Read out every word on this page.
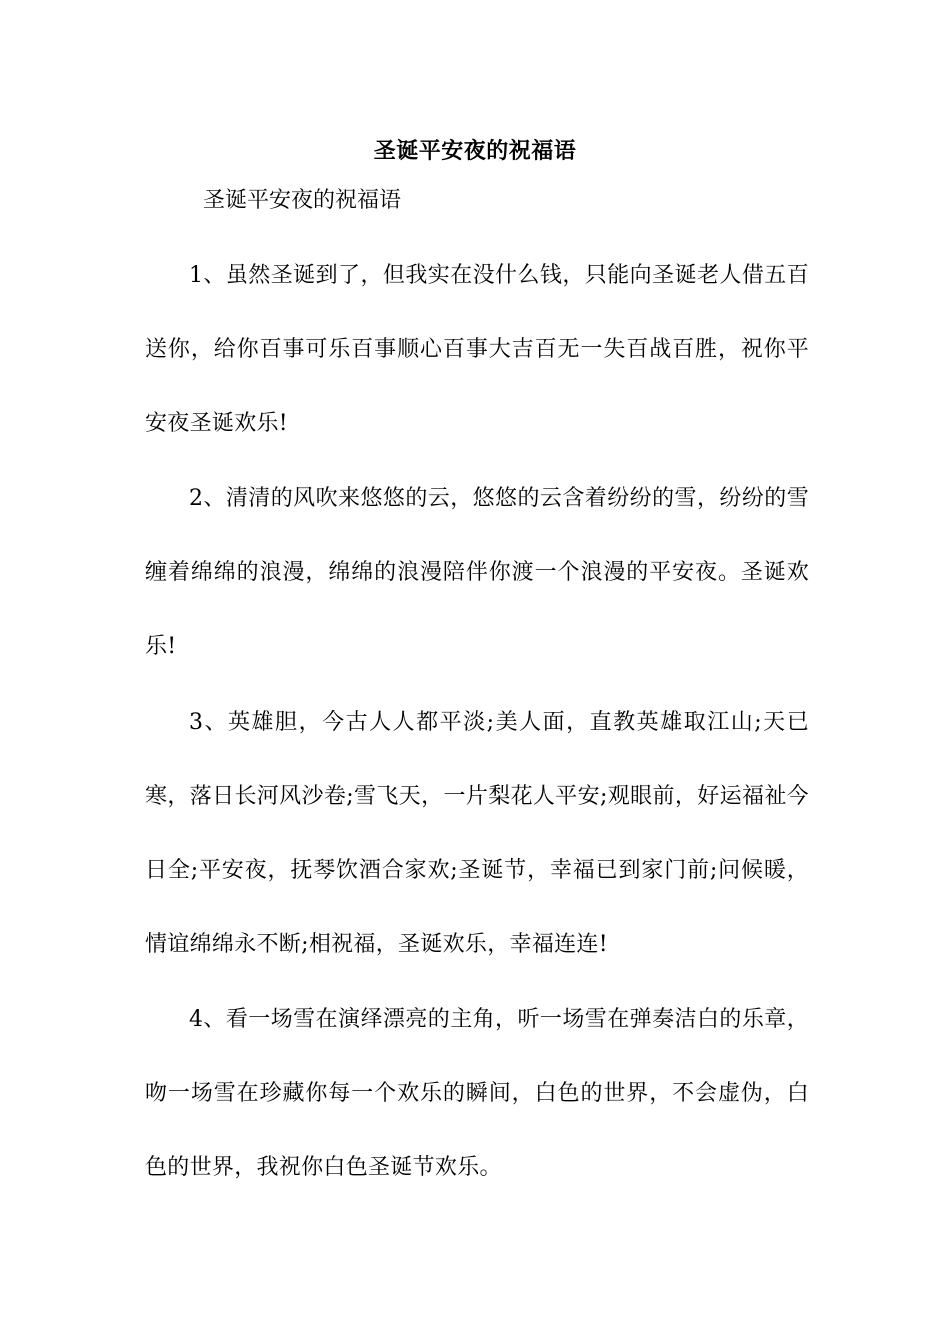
圣诞平安夜的祝福语
圣诞平安夜的祝福语

1、虽然圣诞到了，但我实在没什么钱，只能向圣诞老人借五百送你，给你百事可乐百事顺心百事大吉百无一失百战百胜，祝你平安夜圣诞欢乐!

2、清清的风吹来悠悠的云，悠悠的云含着纷纷的雪，纷纷的雪缠着绵绵的浪漫，绵绵的浪漫陪伴你渡一个浪漫的平安夜。圣诞欢乐!

3、英雄胆，今古人人都平淡;美人面，直教英雄取江山;天已寒，落日长河风沙卷;雪飞天，一片梨花人平安;观眼前，好运福祉今日全;平安夜，抚琴饮酒合家欢;圣诞节，幸福已到家门前;问候暖，情谊绵绵永不断;相祝福，圣诞欢乐，幸福连连!

4、看一场雪在演绎漂亮的主角，听一场雪在弹奏洁白的乐章，吻一场雪在珍藏你每一个欢乐的瞬间，白色的世界，不会虚伪，白色的世界，我祝你白色圣诞节欢乐。
